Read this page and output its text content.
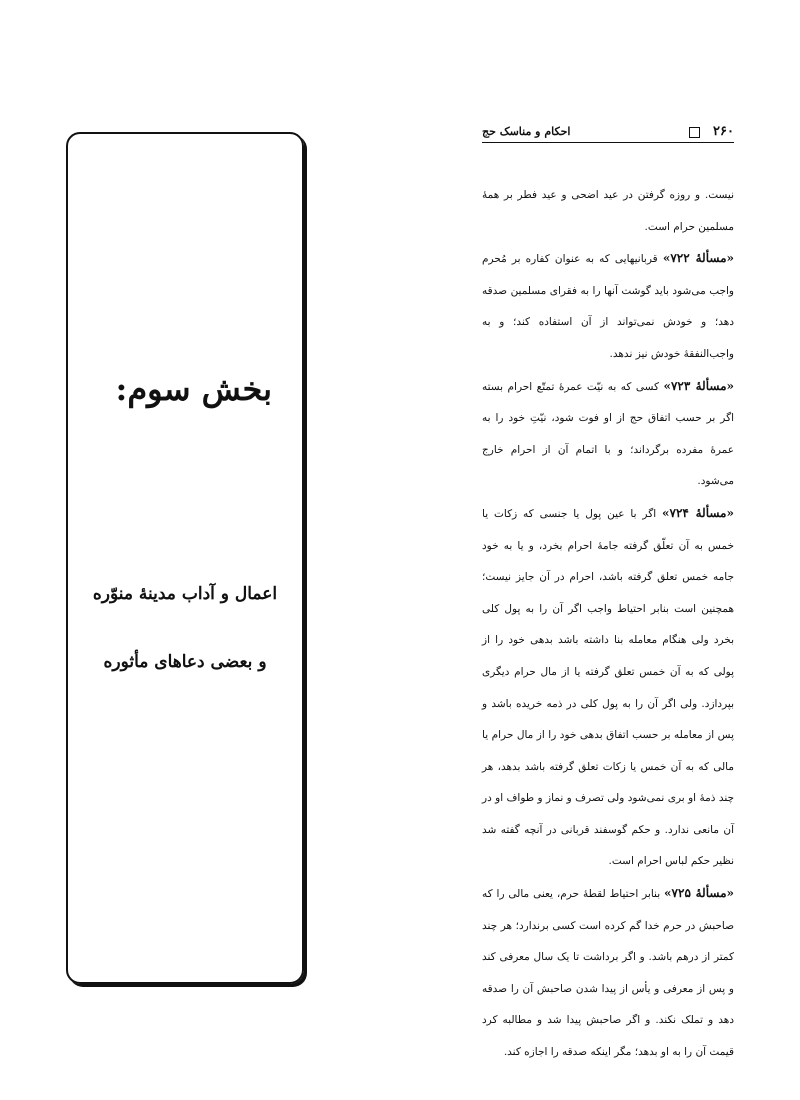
بخش سوم:
اعمال و آداب مدینهٔ منوّره
و بعضی دعاهای مأثوره
۲۶۰
احکام و مناسک حج

نیست. و روزه گرفتن در عید اضحی و عید فطر بر همهٔ مسلمین حرام است.

«مسألهٔ ۷۲۲» قربانیهایی که به عنوان کفاره بر مُحرم واجب می‌شود باید گوشت آنها را به فقرای مسلمین صدقه دهد؛ و خودش نمی‌تواند از آن استفاده کند؛ و به واجب‌النفقهٔ خودش نیز ندهد.

«مسألهٔ ۷۲۳» کسی که به نیّت عمرهٔ تمتّع احرام بسته اگر بر حسب اتفاق حج از او فوت شود، نیّتِ خود را به عمرهٔ مفرده برگرداند؛ و با اتمام آن از احرام خارج می‌شود.

«مسألهٔ ۷۲۴» اگر با عین پول یا جنسی که زکات یا خمس به آن تعلّق گرفته جامهٔ احرام بخرد، و یا به خود جامه خمس تعلق گرفته باشد، احرام در آن جایز نیست؛ همچنین است بنابر احتیاط واجب اگر آن را به پول کلی بخرد ولی هنگام معامله بنا داشته باشد بدهی خود را از پولی که به آن خمس تعلق گرفته یا از مال حرام دیگری بپردازد. ولی اگر آن را به پول کلی در ذمه خریده باشد و پس از معامله بر حسب اتفاق بدهی خود را از مال حرام یا مالی که به آن خمس یا زکات تعلق گرفته باشد بدهد، هر چند ذمهٔ او بری نمی‌شود ولی تصرف و نماز و طواف او در آن مانعی ندارد. و حکم گوسفند قربانی در آنچه گفته شد نظیر حکم لباس احرام است.

«مسألهٔ ۷۲۵» بنابر احتیاط لقطهٔ حرم، یعنی مالی را که صاحبش در حرم خدا گم کرده است کسی برندارد؛ هر چند کمتر از درهم باشد. و اگر برداشت تا یک سال معرفی کند و پس از معرفی و یأس از پیدا شدن صاحبش آن را صدقه دهد و تملک نکند. و اگر صاحبش پیدا شد و مطالبه کرد قیمت آن را به او بدهد؛ مگر اینکه صدقه را اجازه کند.
